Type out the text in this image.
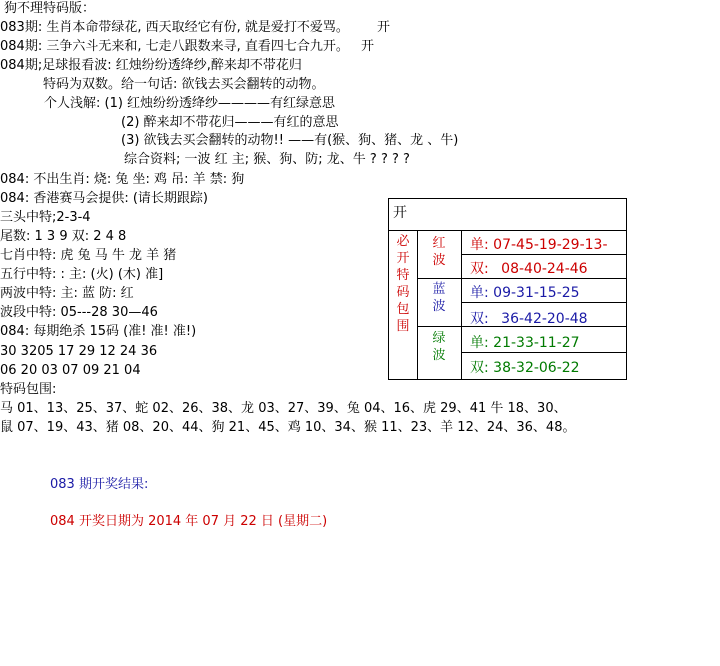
狗不理特码版：
083期: 生肖本命带绿花, 西天取经它有份, 就是爱打不爱骂。 开
084期: 三争六斗无来和, 七走八跟数来寻, 直看四七合九开。 开
084期;足球报看波: 红烛纷纷透绛纱,醉来却不带花归
特码为双数。给一句话: 欲钱去买会翻转的动物。
个人浅解: (1) 红烛纷纷透绛纱————有红绿意思
(2) 醉来却不带花归———有红的意思
(3) 欲钱去买会翻转的动物!! ——有(猴、狗、猪、龙 、牛)
综合资料; 一波 红 主; 猴、狗、防; 龙、牛 ? ? ? ?
084: 不出生肖: 烧: 兔 坐: 鸡 吊: 羊 禁: 狗
084: 香港赛马会提供: (请长期跟踪)
三头中特;2-3-4
尾数: 1 3 9 双: 2 4 8
七肖中特: 虎 兔 马 牛 龙 羊 猪
五行中特: : 主: (火) (木) 准]
两波中特: 主: 蓝 防: 红
波段中特: 05---28 30—46
084: 每期绝杀 15码 (准! 准! 准!)
30 3205 17 29 12 24 36
06 20 03 07 09 21 04
特码包围:
马 01、13、25、37、蛇 02、26、38、龙 03、27、39、兔 04、16、虎 29、41 牛 18、30、
鼠 07、19、43、猪 08、20、44、狗 21、45、鸡 10、34、猴 11、23、羊 12、24、36、48。
083 期开奖结果:
084 开奖日期为 2014 年 07 月 22 日 (星期二)
开
必开特码包围
红波
蓝波
绿波
单: 07-45-19-29-13-
双: 08-40-24-46
单: 09-31-15-25
双: 36-42-20-48
单: 21-33-11-27
双: 38-32-06-22
